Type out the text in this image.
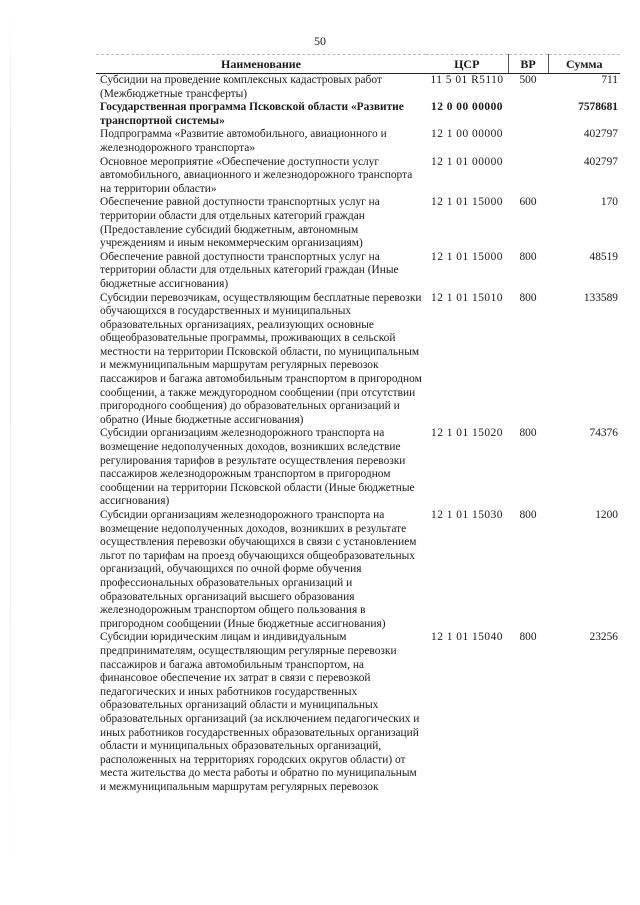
50
Наименование	ЦСР	ВР	Сумма
Субсидии на проведение комплексных кадастровых работ (Межбюджетные трансферты)	11 5 01 R5110	500	711
Государственная программа Псковской области «Развитие транспортной системы»	12 0 00 00000		7578681
Подпрограмма «Развитие автомобильного, авиационного и железнодорожного транспорта»	12 1 00 00000		402797
Основное мероприятие «Обеспечение доступности услуг автомобильного, авиационного и железнодорожного транспорта на территории области»	12 1 01 00000		402797
Обеспечение равной доступности транспортных услуг на территории области для отдельных категорий граждан (Предоставление субсидий бюджетным, автономным учреждениям и иным некоммерческим организациям)	12 1 01 15000	600	170
Обеспечение равной доступности транспортных услуг на территории области для отдельных категорий граждан (Иные бюджетные ассигнования)	12 1 01 15000	800	48519
Субсидии перевозчикам, осуществляющим бесплатные перевозки обучающихся в государственных и муниципальных образовательных организациях, реализующих основные общеобразовательные программы, проживающих в сельской местности на территории Псковской области, по муниципальным и межмуниципальным маршрутам регулярных перевозок пассажиров и багажа автомобильным транспортом в пригородном сообщении, а также междугородном сообщении (при отсутствии пригородного сообщения) до образовательных организаций и обратно (Иные бюджетные ассигнования)	12 1 01 15010	800	133589
Субсидии организациям железнодорожного транспорта на возмещение недополученных доходов, возникших вследствие регулирования тарифов в результате осуществления перевозки пассажиров железнодорожным транспортом в пригородном сообщении на территории Псковской области (Иные бюджетные ассигнования)	12 1 01 15020	800	74376
Субсидии организациям железнодорожного транспорта на возмещение недополученных доходов, возникших в результате осуществления перевозки обучающихся в связи с установлением льгот по тарифам на проезд обучающихся общеобразовательных организаций, обучающихся по очной форме обучения профессиональных образовательных организаций и образовательных организаций высшего образования железнодорожным транспортом общего пользования в пригородном сообщении (Иные бюджетные ассигнования)	12 1 01 15030	800	1200
Субсидии юридическим лицам и индивидуальным предпринимателям, осуществляющим регулярные перевозки пассажиров и багажа автомобильным транспортом, на финансовое обеспечение их затрат в связи с перевозкой педагогических и иных работников государственных образовательных организаций области и муниципальных образовательных организаций (за исключением педагогических и иных работников государственных образовательных организаций области и муниципальных образовательных организаций, расположенных на территориях городских округов области) от места жительства до места работы и обратно по муниципальным и межмуниципальным маршрутам регулярных перевозок	12 1 01 15040	800	23256
